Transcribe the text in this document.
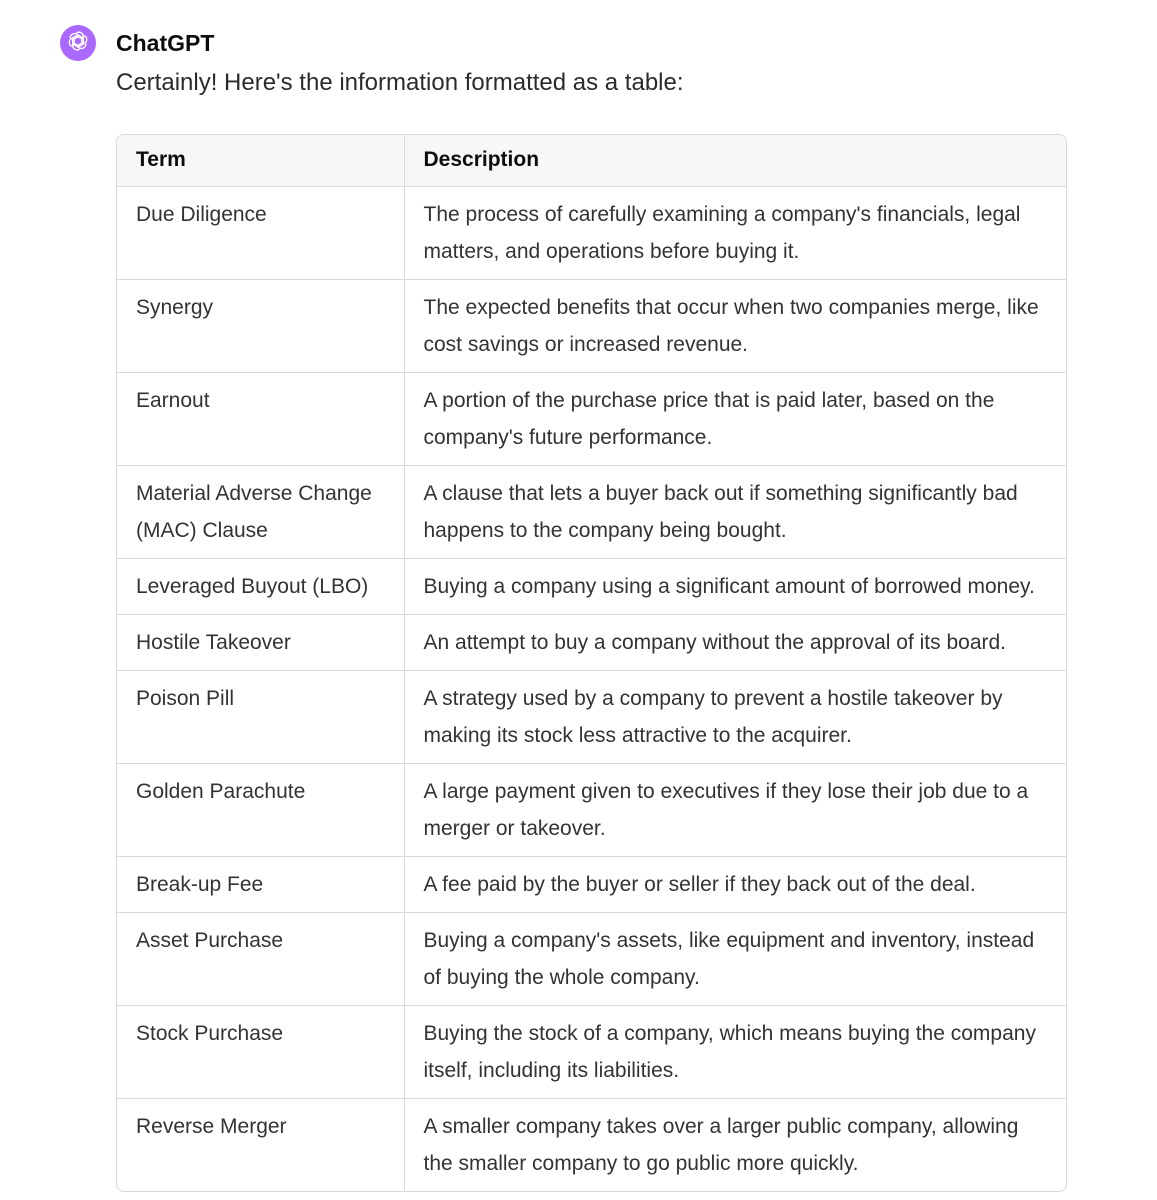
ChatGPT
Certainly! Here's the information formatted as a table:
Term	Description
Due Diligence	The process of carefully examining a company's financials, legal matters, and operations before buying it.
Synergy	The expected benefits that occur when two companies merge, like cost savings or increased revenue.
Earnout	A portion of the purchase price that is paid later, based on the company's future performance.
Material Adverse Change (MAC) Clause	A clause that lets a buyer back out if something significantly bad happens to the company being bought.
Leveraged Buyout (LBO)	Buying a company using a significant amount of borrowed money.
Hostile Takeover	An attempt to buy a company without the approval of its board.
Poison Pill	A strategy used by a company to prevent a hostile takeover by making its stock less attractive to the acquirer.
Golden Parachute	A large payment given to executives if they lose their job due to a merger or takeover.
Break-up Fee	A fee paid by the buyer or seller if they back out of the deal.
Asset Purchase	Buying a company's assets, like equipment and inventory, instead of buying the whole company.
Stock Purchase	Buying the stock of a company, which means buying the company itself, including its liabilities.
Reverse Merger	A smaller company takes over a larger public company, allowing the smaller company to go public more quickly.
